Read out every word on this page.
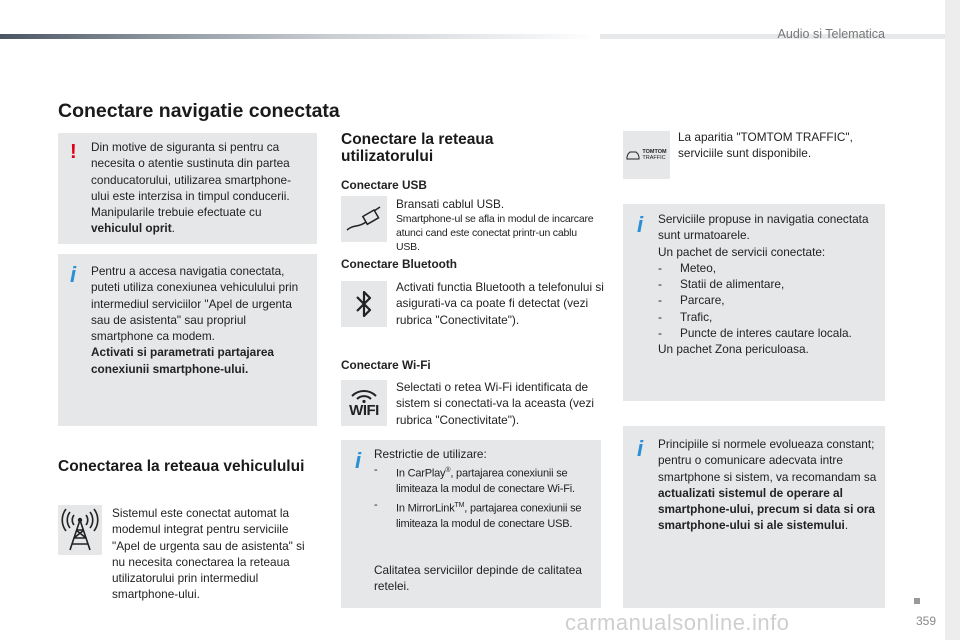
Audio si Telematica
Conectare navigatie conectata
! Din motive de siguranta si pentru ca necesita o atentie sustinuta din partea conducatorului, utilizarea smartphone-ului este interzisa in timpul conducerii. Manipularile trebuie efectuate cu vehiculul oprit.
i Pentru a accesa navigatia conectata, puteti utiliza conexiunea vehiculului prin intermediul serviciilor "Apel de urgenta sau de asistenta" sau propriul smartphone ca modem.
Activati si parametrati partajarea conexiunii smartphone-ului.
Conectarea la reteaua vehiculului
Sistemul este conectat automat la modemul integrat pentru serviciile "Apel de urgenta sau de asistenta" si nu necesita conectarea la reteaua utilizatorului prin intermediul smartphone-ului.
Conectare la reteaua
utilizatorului
Conectare USB
Bransati cablul USB.
Smartphone-ul se afla in modul de incarcare atunci cand este conectat printr-un cablu USB.
Conectare Bluetooth
Activati functia Bluetooth a telefonului si asigurati-va ca poate fi detectat (vezi rubrica "Conectivitate").
Conectare Wi-Fi
WIFI
Selectati o retea Wi-Fi identificata de sistem si conectati-va la aceasta (vezi rubrica "Conectivitate").
i Restrictie de utilizare:
- In CarPlay®, partajarea conexiunii se limiteaza la modul de conectare Wi-Fi.
- In MirrorLink™, partajarea conexiunii se limiteaza la modul de conectare USB.
Calitatea serviciilor depinde de calitatea retelei.
TOMTOM
TRAFFIC
La aparitia "TOMTOM TRAFFIC", serviciile sunt disponibile.
i Serviciile propuse in navigatia conectata sunt urmatoarele.
Un pachet de servicii conectate:
- Meteo,
- Statii de alimentare,
- Parcare,
- Trafic,
- Puncte de interes cautare locala.
Un pachet Zona periculoasa.
i Principiile si normele evolueaza constant; pentru o comunicare adecvata intre smartphone si sistem, va recomandam sa actualizati sistemul de operare al smartphone-ului, precum si data si ora smartphone-ului si ale sistemului.
359
carmanualsonline.info
